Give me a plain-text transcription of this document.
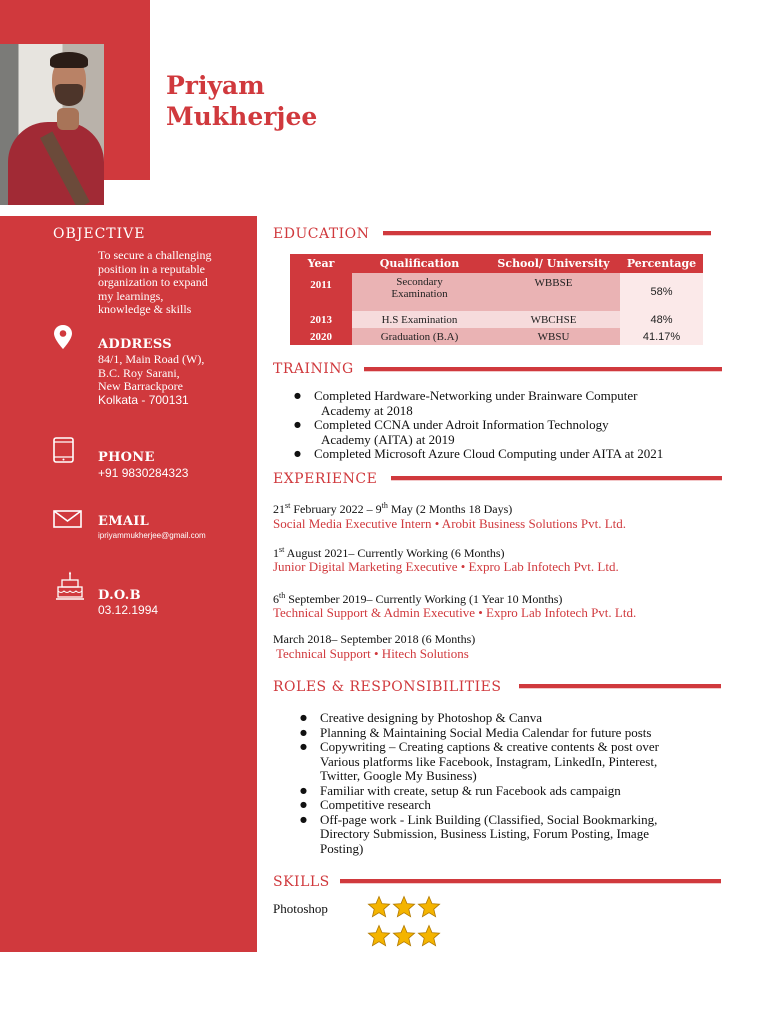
Priyam
Mukherjee
OBJECTIVE
To secure a challenging
position in a reputable
organization to expand
my learnings,
knowledge & skills
ADDRESS
84/1, Main Road (W),
B.C. Roy Sarani,
New Barrackpore
Kolkata - 700131
PHONE
+91 9830284323
EMAIL
ipriyammukherjee@gmail.com
D.O.B
03.12.1994
EDUCATION
Year	Qualification	School/ University	Percentage
2011	Secondary Examination	WBBSE	58%
2013	H.S Examination	WBCHSE	48%
2020	Graduation (B.A)	WBSU	41.17%
TRAINING
● Completed Hardware-Networking under Brainware Computer
Academy at 2018
● Completed CCNA under Adroit Information Technology
Academy (AITA) at 2019
● Completed Microsoft Azure Cloud Computing under AITA at 2021
EXPERIENCE
21st February 2022 – 9th May (2 Months 18 Days)
Social Media Executive Intern • Arobit Business Solutions Pvt. Ltd.
1st August 2021– Currently Working (6 Months)
Junior Digital Marketing Executive • Expro Lab Infotech Pvt. Ltd.
6th September 2019– Currently Working (1 Year 10 Months)
Technical Support & Admin Executive • Expro Lab Infotech Pvt. Ltd.
March 2018– September 2018 (6 Months)
Technical Support • Hitech Solutions
ROLES & RESPONSIBILITIES
● Creative designing by Photoshop & Canva
● Planning & Maintaining Social Media Calendar for future posts
● Copywriting – Creating captions & creative contents & post over
Various platforms like Facebook, Instagram, LinkedIn, Pinterest,
Twitter, Google My Business)
● Familiar with create, setup & run Facebook ads campaign
● Competitive research
● Off-page work - Link Building (Classified, Social Bookmarking,
Directory Submission, Business Listing, Forum Posting, Image
Posting)
SKILLS
Photoshop
